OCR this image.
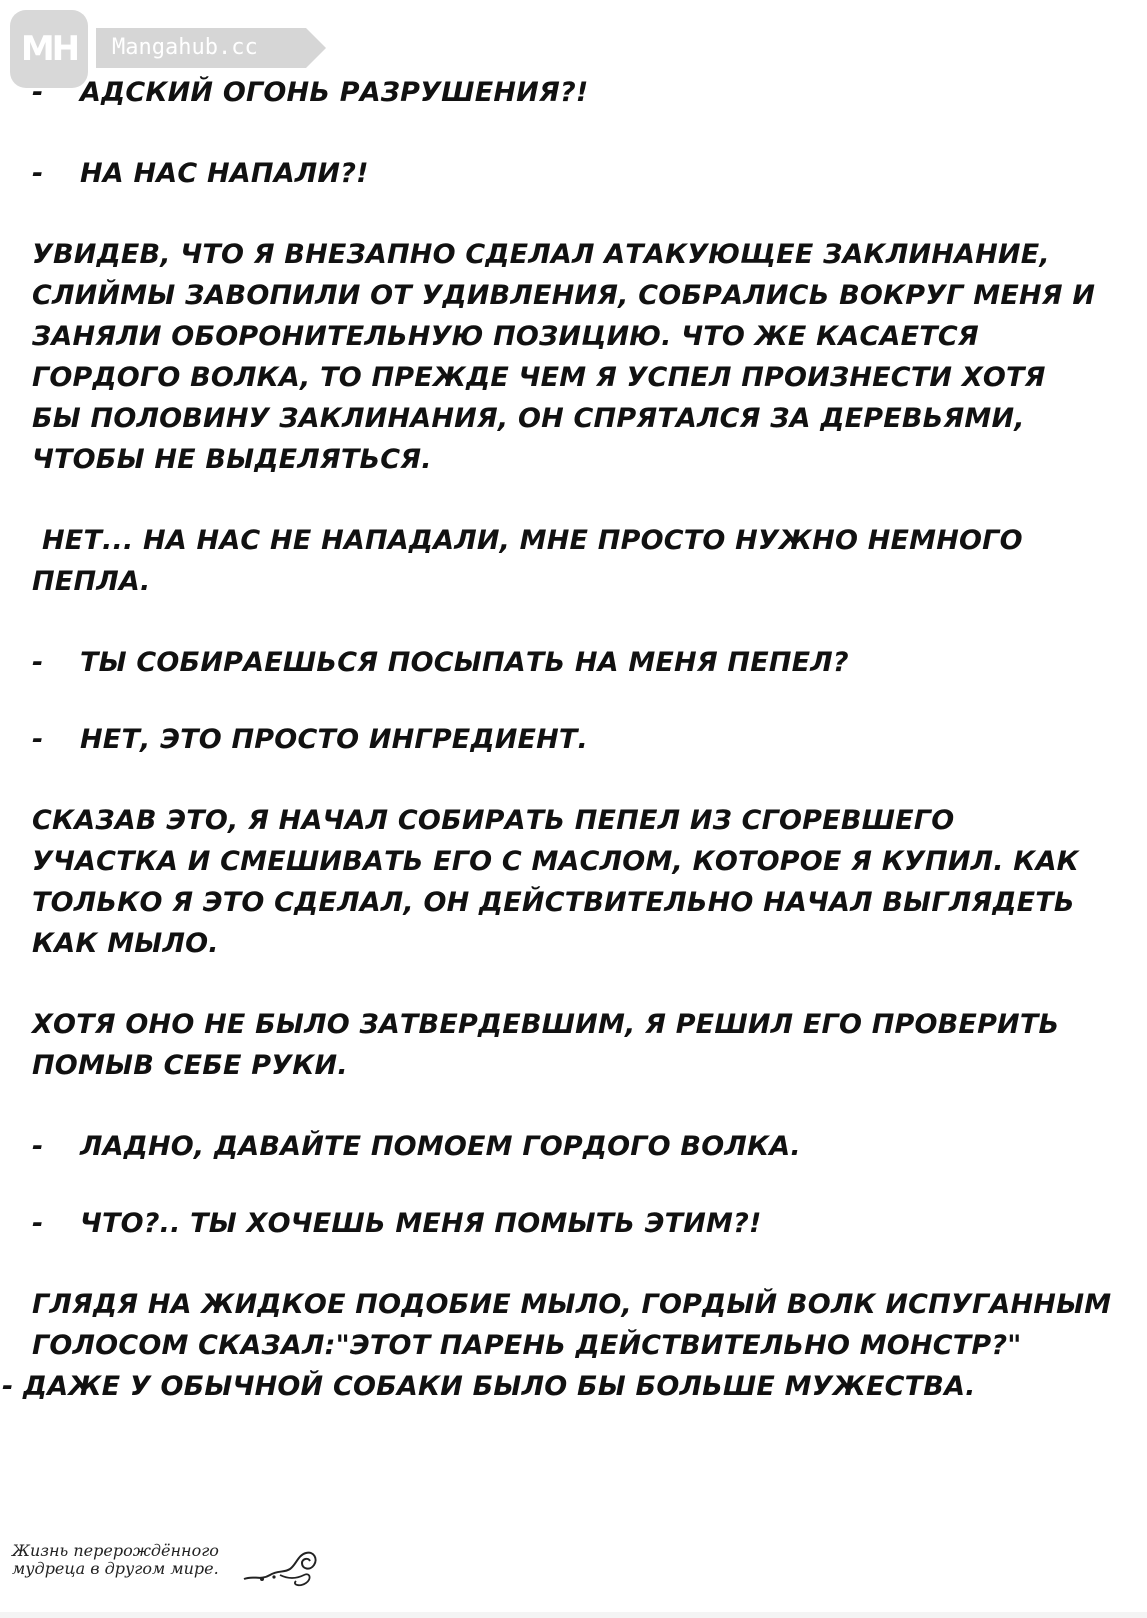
MH	Mangahub.cc
-	АДСКИЙ ОГОНЬ РАЗРУШЕНИЯ?!
-	НА НАС НАПАЛИ?!
УВИДЕВ, ЧТО Я ВНЕЗАПНО СДЕЛАЛ АТАКУЮЩЕЕ ЗАКЛИНАНИЕ,
СЛИЙМЫ ЗАВОПИЛИ ОТ УДИВЛЕНИЯ, СОБРАЛИСЬ ВОКРУГ МЕНЯ И
ЗАНЯЛИ ОБОРОНИТЕЛЬНУЮ ПОЗИЦИЮ. ЧТО ЖЕ КАСАЕТСЯ
ГОРДОГО ВОЛКА, ТО ПРЕЖДЕ ЧЕМ Я УСПЕЛ ПРОИЗНЕСТИ ХОТЯ
БЫ ПОЛОВИНУ ЗАКЛИНАНИЯ, ОН СПРЯТАЛСЯ ЗА ДЕРЕВЬЯМИ,
ЧТОБЫ НЕ ВЫДЕЛЯТЬСЯ.
НЕТ... НА НАС НЕ НАПАДАЛИ, МНЕ ПРОСТО НУЖНО НЕМНОГО
ПЕПЛА.
-	ТЫ СОБИРАЕШЬСЯ ПОСЫПАТЬ НА МЕНЯ ПЕПЕЛ?
-	НЕТ, ЭТО ПРОСТО ИНГРЕДИЕНТ.
СКАЗАВ ЭТО, Я НАЧАЛ СОБИРАТЬ ПЕПЕЛ ИЗ СГОРЕВШЕГО
УЧАСТКА И СМЕШИВАТЬ ЕГО С МАСЛОМ, КОТОРОЕ Я КУПИЛ. КАК
ТОЛЬКО Я ЭТО СДЕЛАЛ, ОН ДЕЙСТВИТЕЛЬНО НАЧАЛ ВЫГЛЯДЕТЬ
КАК МЫЛО.
ХОТЯ ОНО НЕ БЫЛО ЗАТВЕРДЕВШИМ, Я РЕШИЛ ЕГО ПРОВЕРИТЬ
ПОМЫВ СЕБЕ РУКИ.
-	ЛАДНО, ДАВАЙТЕ ПОМОЕМ ГОРДОГО ВОЛКА.
-	ЧТО?.. ТЫ ХОЧЕШЬ МЕНЯ ПОМЫТЬ ЭТИМ?!
ГЛЯДЯ НА ЖИДКОЕ ПОДОБИЕ МЫЛО, ГОРДЫЙ ВОЛК ИСПУГАННЫМ
ГОЛОСОМ СКАЗАЛ:"ЭТОТ ПАРЕНЬ ДЕЙСТВИТЕЛЬНО МОНСТР?"
- ДАЖЕ У ОБЫЧНОЙ СОБАКИ БЫЛО БЫ БОЛЬШЕ МУЖЕСТВА.
Жизнь перерождённого
мудреца в другом мире.
